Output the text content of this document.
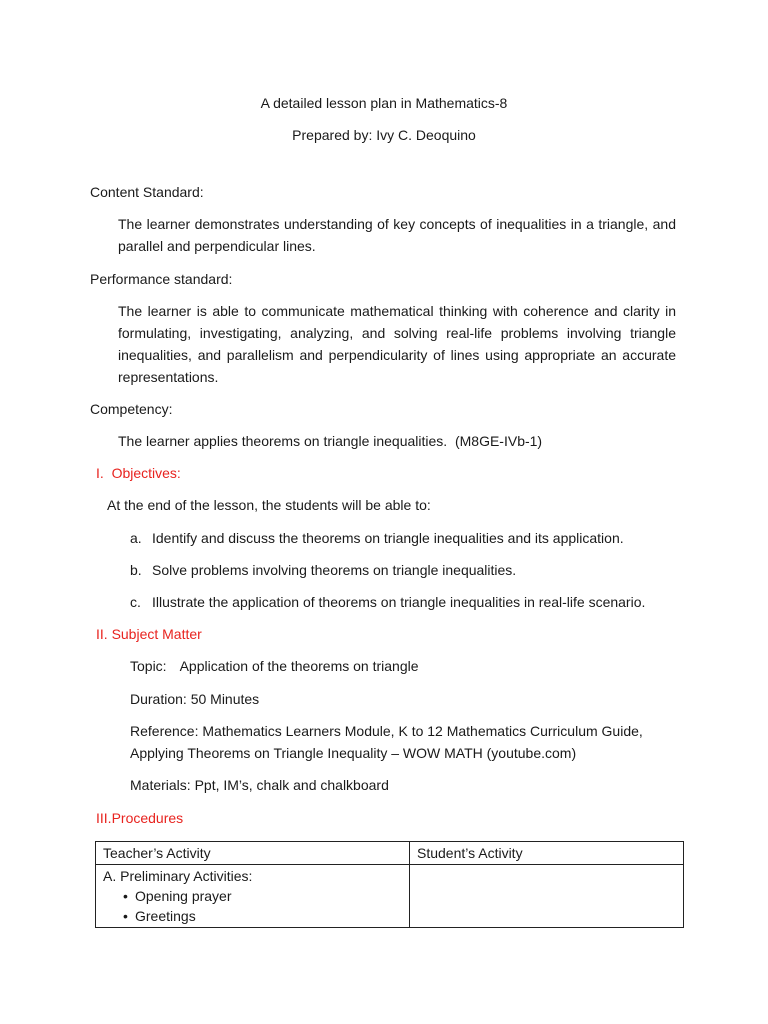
A detailed lesson plan in Mathematics-8
Prepared by: Ivy C. Deoquino
Content Standard:
The learner demonstrates understanding of key concepts of inequalities in a triangle, and parallel and perpendicular lines.
Performance standard:
The learner is able to communicate mathematical thinking with coherence and clarity in formulating, investigating, analyzing, and solving real-life problems involving triangle inequalities, and parallelism and perpendicularity of lines using appropriate an accurate representations.
Competency:
The learner applies theorems on triangle inequalities.  (M8GE-IVb-1)
I. Objectives:
At the end of the lesson, the students will be able to:
a. Identify and discuss the theorems on triangle inequalities and its application.
b. Solve problems involving theorems on triangle inequalities.
c. Illustrate the application of theorems on triangle inequalities in real-life scenario.
II. Subject Matter
Topic: Application of the theorems on triangle
Duration: 50 Minutes
Reference: Mathematics Learners Module, K to 12 Mathematics Curriculum Guide,
Applying Theorems on Triangle Inequality – WOW MATH (youtube.com)
Materials: Ppt, IM’s, chalk and chalkboard
III.Procedures
Teacher’s Activity	Student’s Activity

A. Preliminary Activities:
• Opening prayer
• Greetings
